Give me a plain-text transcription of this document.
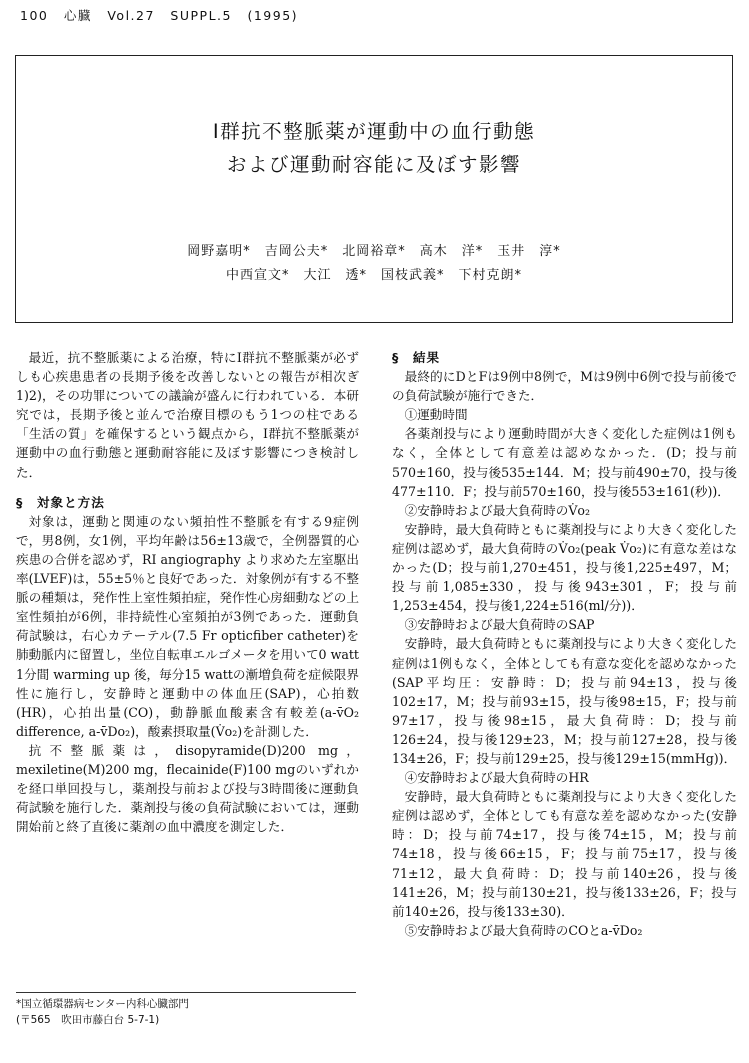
100 心臓 Vol.27 SUPPL.5 (1995)
Ⅰ群抗不整脈薬が運動中の血行動態
および運動耐容能に及ぼす影響
岡野嘉明*　吉岡公夫*　北岡裕章*　高木　洋*　玉井　淳*
中西宣文*　大江　透*　国枝武義*　下村克朗*

最近，抗不整脈薬による治療，特にⅠ群抗不整脈薬が必ずしも心疾患患者の長期予後を改善しないとの報告が相次ぎ1)2)，その功罪についての議論が盛んに行われている．本研究では，長期予後と並んで治療目標のもう1つの柱である「生活の質」を確保するという観点から，Ⅰ群抗不整脈薬が運動中の血行動態と運動耐容能に及ぼす影響につき検討した．

§　対象と方法

対象は，運動と関連のない頻拍性不整脈を有する9症例で，男8例，女1例，平均年齢は56±13歳で，全例器質的心疾患の合併を認めず，RI angiography より求めた左室駆出率(LVEF)は，55±5％と良好であった．対象例が有する不整脈の種類は，発作性上室性頻拍症，発作性心房細動などの上室性頻拍が6例，非持続性心室頻拍が3例であった．運動負荷試験は，右心カテーテル(7.5 Fr opticfiber catheter)を肺動脈内に留置し，坐位自転車エルゴメータを用いて0 watt 1分間 warming up 後，毎分15 wattの漸増負荷を症候限界性に施行し，安静時と運動中の体血圧(SAP)，心拍数(HR)，心拍出量(CO)，動静脈血酸素含有較差(a-v̄O₂ difference, a-v̄Do₂)，酸素摂取量(V̇o₂)を計測した．

抗不整脈薬は，disopyramide(D)200 mg，mexiletine(M)200 mg，flecainide(F)100 mgのいずれかを経口単回投与し，薬剤投与前および投与3時間後に運動負荷試験を施行した．薬剤投与後の負荷試験においては，運動開始前と終了直後に薬剤の血中濃度を測定した．

§　結果

最終的にDとFは9例中8例で，Mは9例中6例で投与前後での負荷試験が施行できた．

①運動時間

各薬剤投与により運動時間が大きく変化した症例は1例もなく，全体として有意差は認めなかった．(D；投与前570±160，投与後535±144．M；投与前490±70，投与後477±110．F；投与前570±160，投与後553±161(秒))．

②安静時および最大負荷時のV̇o₂

安静時，最大負荷時ともに薬剤投与により大きく変化した症例は認めず，最大負荷時のV̇o₂(peak V̇o₂)に有意な差はなかった(D；投与前1,270±451，投与後1,225±497，M；投与前1,085±330，投与後943±301，F；投与前1,253±454，投与後1,224±516(ml/分))．

③安静時および最大負荷時のSAP

安静時，最大負荷時ともに薬剤投与により大きく変化した症例は1例もなく，全体としても有意な変化を認めなかった(SAP平均圧：安静時：D；投与前94±13，投与後102±17，M；投与前93±15，投与後98±15，F；投与前97±17，投与後98±15，最大負荷時：D；投与前126±24，投与後129±23，M；投与前127±28，投与後134±26，F；投与前129±25，投与後129±15(mmHg))．

④安静時および最大負荷時のHR

安静時，最大負荷時ともに薬剤投与により大きく変化した症例は認めず，全体としても有意な差を認めなかった(安静時：D；投与前74±17，投与後74±15，M；投与前74±18，投与後66±15，F；投与前75±17，投与後71±12，最大負荷時：D；投与前140±26，投与後141±26，M；投与前130±21，投与後133±26，F；投与前140±26，投与後133±30)．

⑤安静時および最大負荷時のCOとa-v̄Do₂

*国立循環器病センター内科心臓部門
(〒565　吹田市藤白台 5-7-1)
